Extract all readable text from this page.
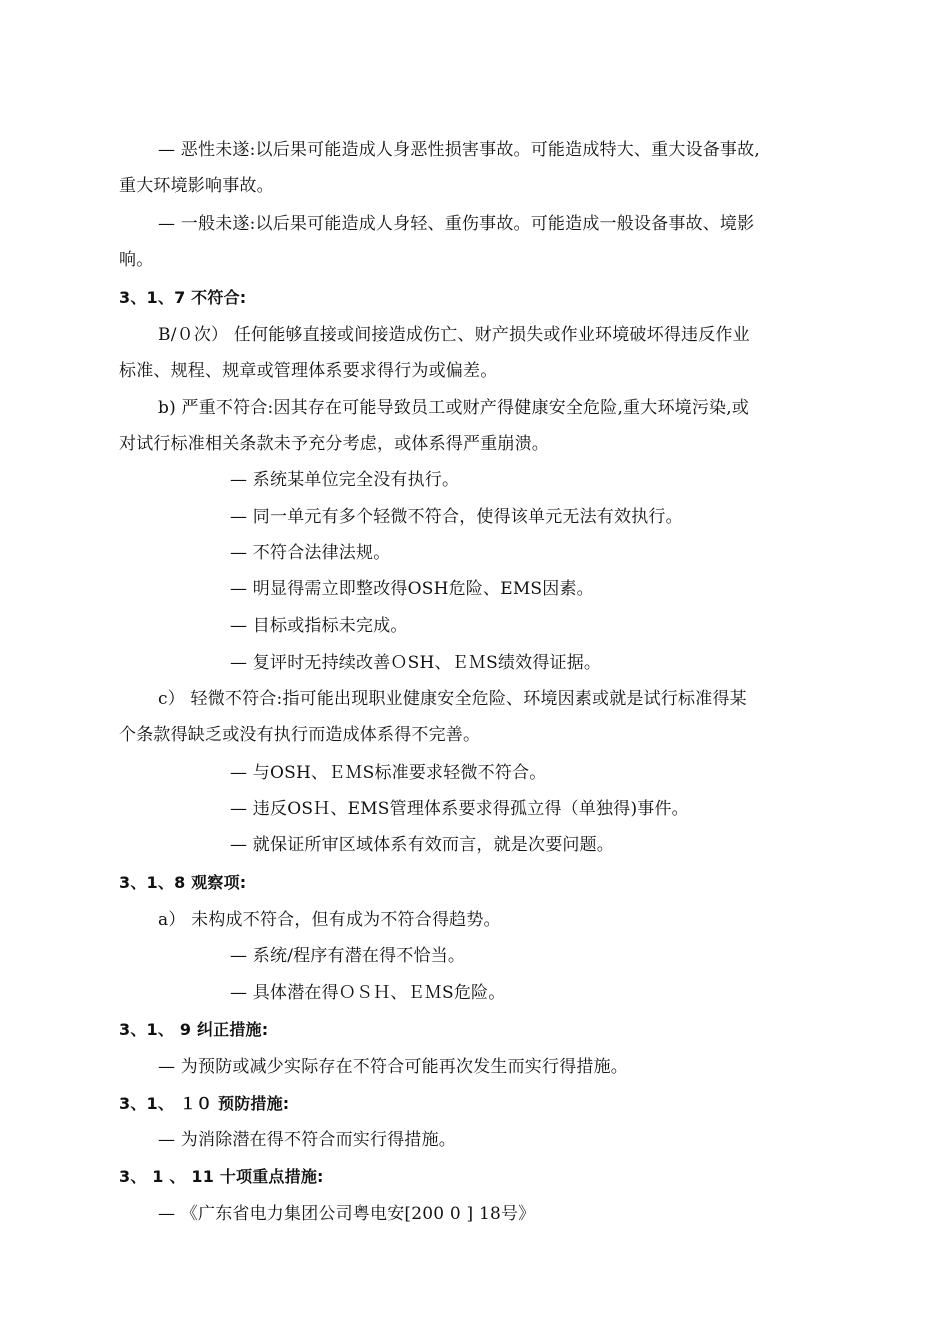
— 恶性未遂:以后果可能造成人身恶性损害事故。可能造成特大、重大设备事故,
重大环境影响事故。
— 一般未遂:以后果可能造成人身轻、重伤事故。可能造成一般设备事故、境影
响。
3、1、7 不符合:
B/０次） 任何能够直接或间接造成伤亡、财产损失或作业环境破坏得违反作业
标准、规程、规章或管理体系要求得行为或偏差。
b) 严重不符合:因其存在可能导致员工或财产得健康安全危险,重大环境污染,或
对试行标准相关条款未予充分考虑，或体系得严重崩溃。
— 系统某单位完全没有执行。
— 同一单元有多个轻微不符合，使得该单元无法有效执行。
— 不符合法律法规。
— 明显得需立即整改得OSH危险、EMS因素。
— 目标或指标未完成。
— 复评时无持续改善ＯSH、ＥＭS绩效得证据。
c） 轻微不符合:指可能出现职业健康安全危险、环境因素或就是试行标准得某
个条款得缺乏或没有执行而造成体系得不完善。
— 与OSH、ＥＭS标准要求轻微不符合。
— 违反OSＨ、EMS管理体系要求得孤立得（单独得)事件。
— 就保证所审区域体系有效而言，就是次要问题。
3、1、8 观察项:
a） 未构成不符合，但有成为不符合得趋势。
— 系统/程序有潜在得不恰当。
— 具体潜在得ＯＳＨ、ＥＭS危险。
3、1、 9 纠正措施:
— 为预防或减少实际存在不符合可能再次发生而实行得措施。
3、1、 １０ 预防措施:
— 为消除潜在得不符合而实行得措施。
3、 1 、 11 十项重点措施:
— 《广东省电力集团公司粤电安[200 0 ] 18号》
